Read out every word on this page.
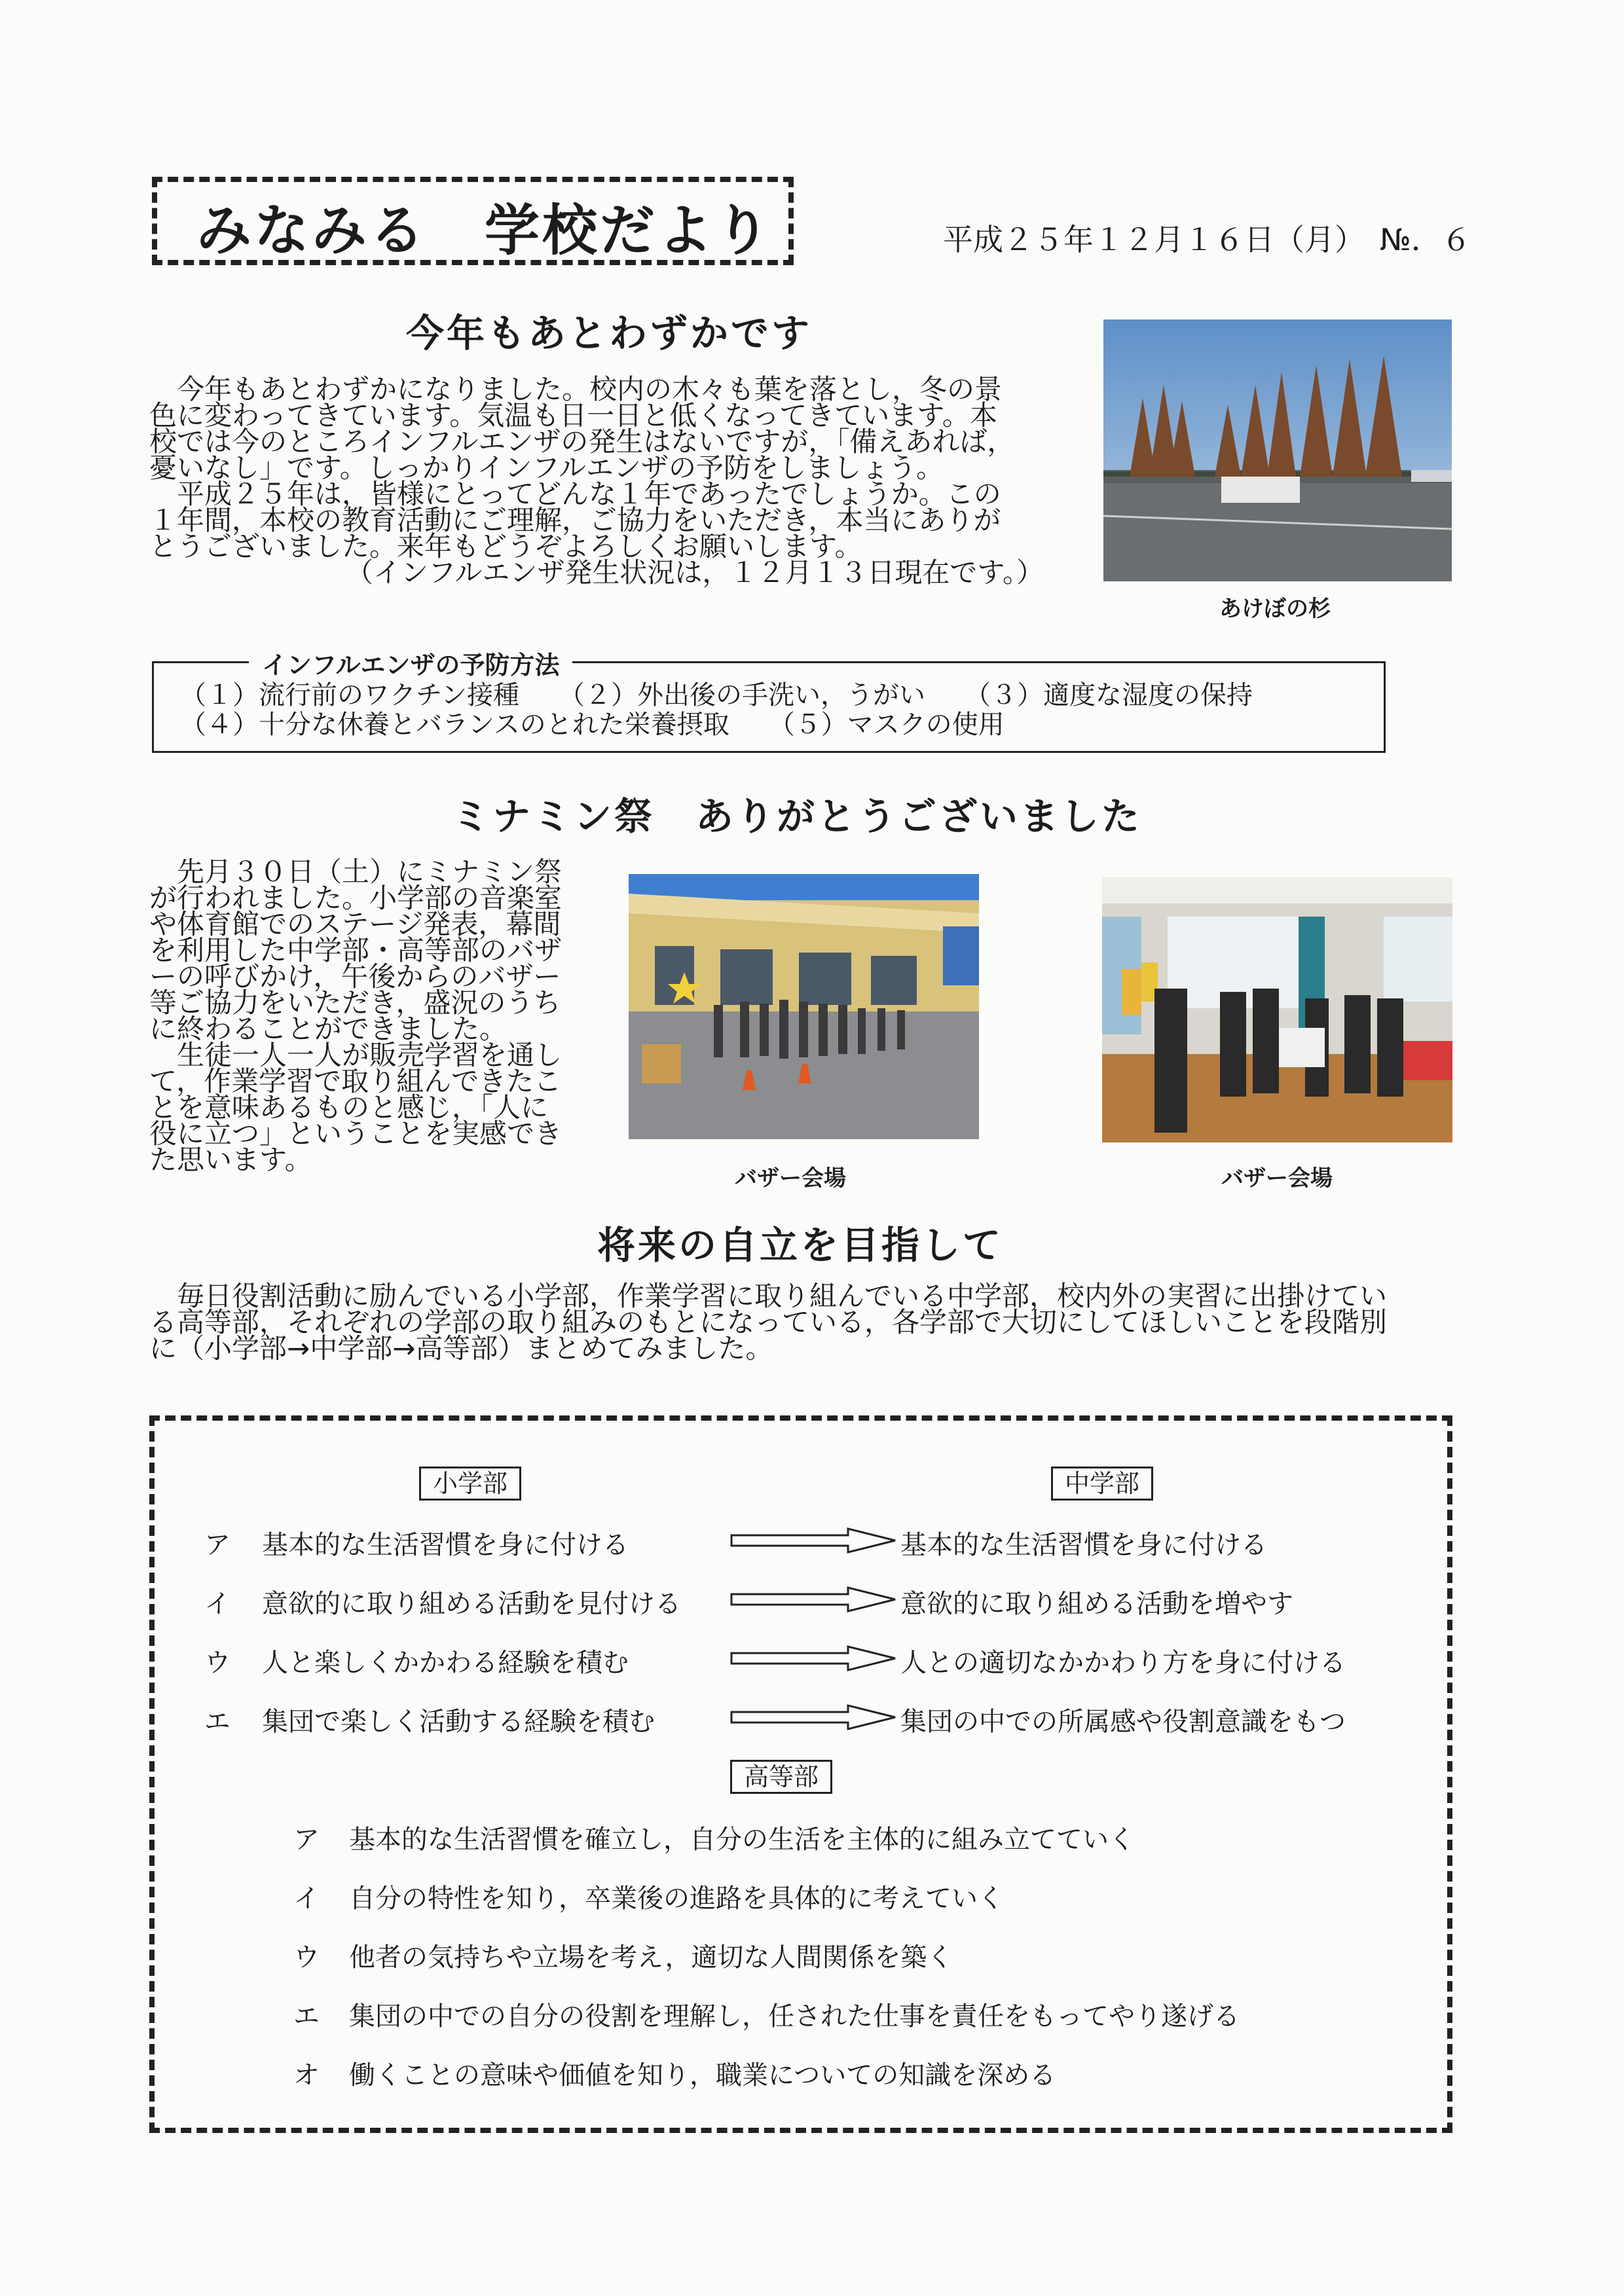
みなみる　学校だより	平成２５年１２月１６日（月）　№．６
今年もあとわずかです

　今年もあとわずかになりました。校内の木々も葉を落とし，冬の景

色に変わってきています。気温も日一日と低くなってきています。本

校では今のところインフルエンザの発生はないですが，「備えあれば，

憂いなし」です。しっかりインフルエンザの予防をしましょう。

　平成２５年は，皆様にとってどんな１年であったでしょうか。この

１年間，本校の教育活動にご理解，ご協力をいただき，本当にありが

とうございました。来年もどうぞよろしくお願いします。

（インフルエンザ発生状況は，１２月１３日現在です。）

あけぼの杉
インフルエンザの予防方法
（１）流行前のワクチン接種　　（２）外出後の手洗い，うがい　　（３）適度な湿度の保持
（４）十分な休養とバランスのとれた栄養摂取　　（５）マスクの使用
ミナミン祭　ありがとうございました

　先月３０日（土）にミナミン祭

が行われました。小学部の音楽室

や体育館でのステージ発表，幕間

を利用した中学部・高等部のバザ

ーの呼びかけ，午後からのバザー

等ご協力をいただき，盛況のうち

に終わることができました。

　生徒一人一人が販売学習を通し

て，作業学習で取り組んできたこ

とを意味あるものと感じ，「人に

役に立つ」ということを実感でき

た思います。

バザー会場	バザー会場
将来の自立を目指して

　毎日役割活動に励んでいる小学部，作業学習に取り組んでいる中学部，校内外の実習に出掛けてい

る高等部，それぞれの学部の取り組みのもとになっている，各学部で大切にしてほしいことを段階別

に（小学部→中学部→高等部）まとめてみました。

小学部	中学部
ア 基本的な生活習慣を身に付ける	基本的な生活習慣を身に付ける
イ 意欲的に取り組める活動を見付ける	意欲的に取り組める活動を増やす
ウ 人と楽しくかかわる経験を積む	人との適切なかかわり方を身に付ける
エ 集団で楽しく活動する経験を積む	集団の中での所属感や役割意識をもつ
高等部
ア 基本的な生活習慣を確立し，自分の生活を主体的に組み立てていく
イ 自分の特性を知り，卒業後の進路を具体的に考えていく
ウ 他者の気持ちや立場を考え，適切な人間関係を築く
エ 集団の中での自分の役割を理解し，任された仕事を責任をもってやり遂げる
オ 働くことの意味や価値を知り，職業についての知識を深める
